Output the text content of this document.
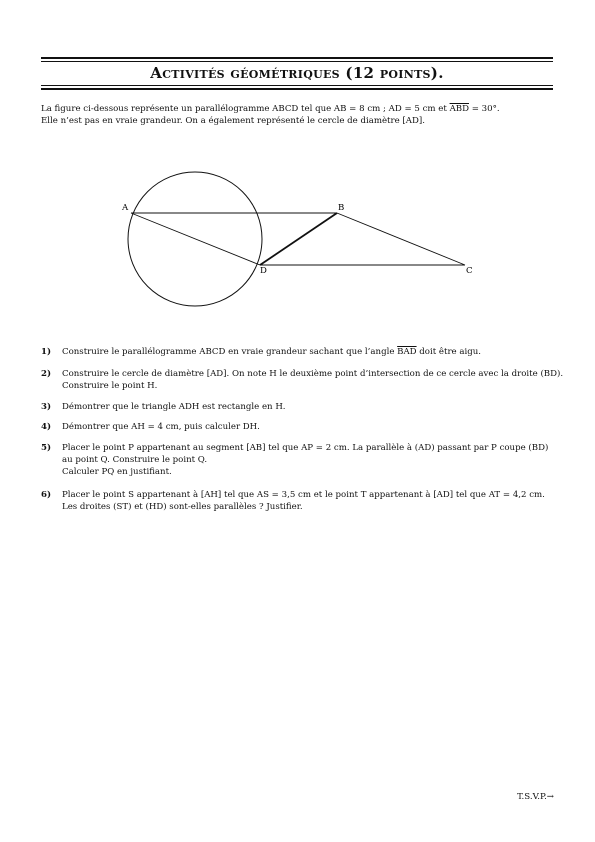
Activités géométriques (12 points).
La figure ci-dessous représente un parallélogramme ABCD tel que AB = 8 cm ; AD = 5 cm et $\overline{ABD} = 30^\circ$.
Elle n’est pas en vraie grandeur. On a également représenté le cercle de diamètre [AD].
A	B
C
D
1) Construire le parallélogramme ABCD en vraie grandeur sachant que l’angle $\overline{BAD}$ doit être aigu.
2) Construire le cercle de diamètre [AD]. On note H le deuxième point d’intersection de ce cercle avec la droite (BD).
Construire le point H.
3) Démontrer que le triangle ADH est rectangle en H.
4) Démontrer que AH = 4 cm, puis calculer DH.
5) Placer le point P appartenant au segment [AB] tel que AP = 2 cm. La parallèle à (AD) passant par P coupe (BD)
au point Q. Construire le point Q.
Calculer PQ en justifiant.
6) Placer le point S appartenant à [AH] tel que AS = 3,5 cm et le point T appartenant à [AD] tel que AT = 4,2 cm.
Les droites (ST) et (HD) sont-elles parallèles ? Justifier.
T.S.V.P.→
